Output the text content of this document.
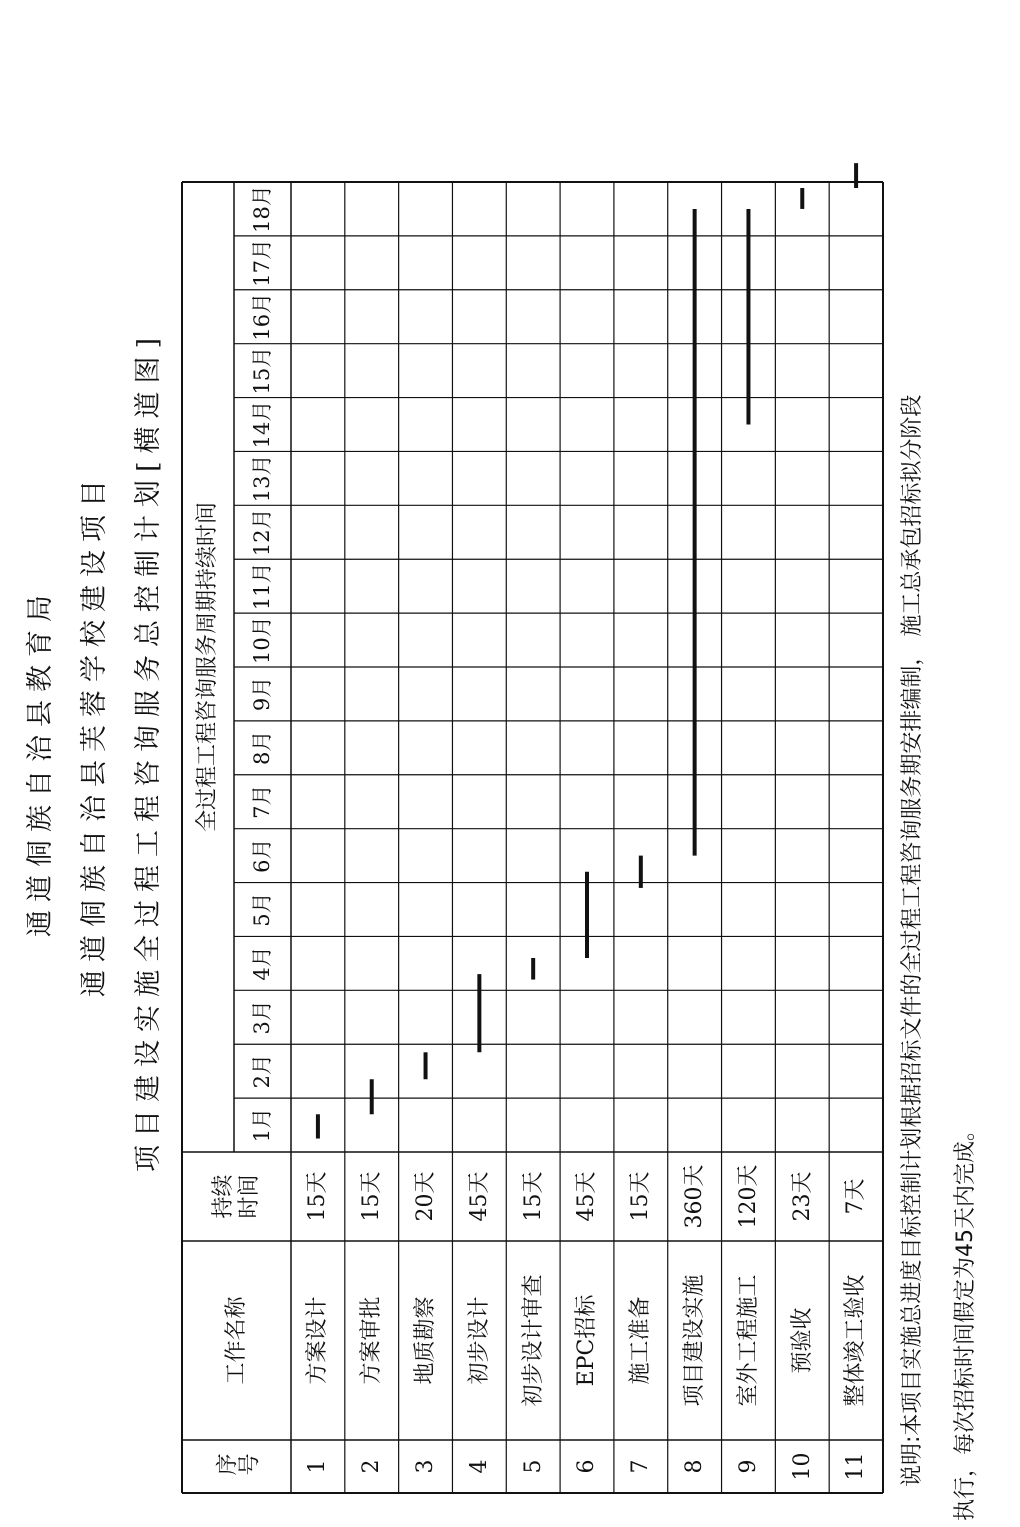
通道侗族自治县教育局 通道侗族自治县芙蓉学校建设项目 项目建设实施全过程工程咨询服务总控制计划[横道图]
序号
工作名称
持续 时间
全过程工程咨询服务周期持续时间
1月
2月
3月
4月
5月
6月
7月
8月
9月
10月
11月
12月
13月
14月
15月
16月
17月
18月
1
方案设计
15天
2
方案审批
15天
3
地质勘察
20天
4
初步设计
45天
5
初步设计审查
15天
6
EPC招标
45天
7
施工准备
15天
8
项目建设实施
360天
9
室外工程施工
120天
10
预验收
23天
11
整体竣工验收
7天	说明:本项目实施总进度目标控制计划根据招标文件的全过程工程咨询服务期安排编制， 施工总承包招标拟分阶段 执行，每次招标时间假定为45天内完成。
